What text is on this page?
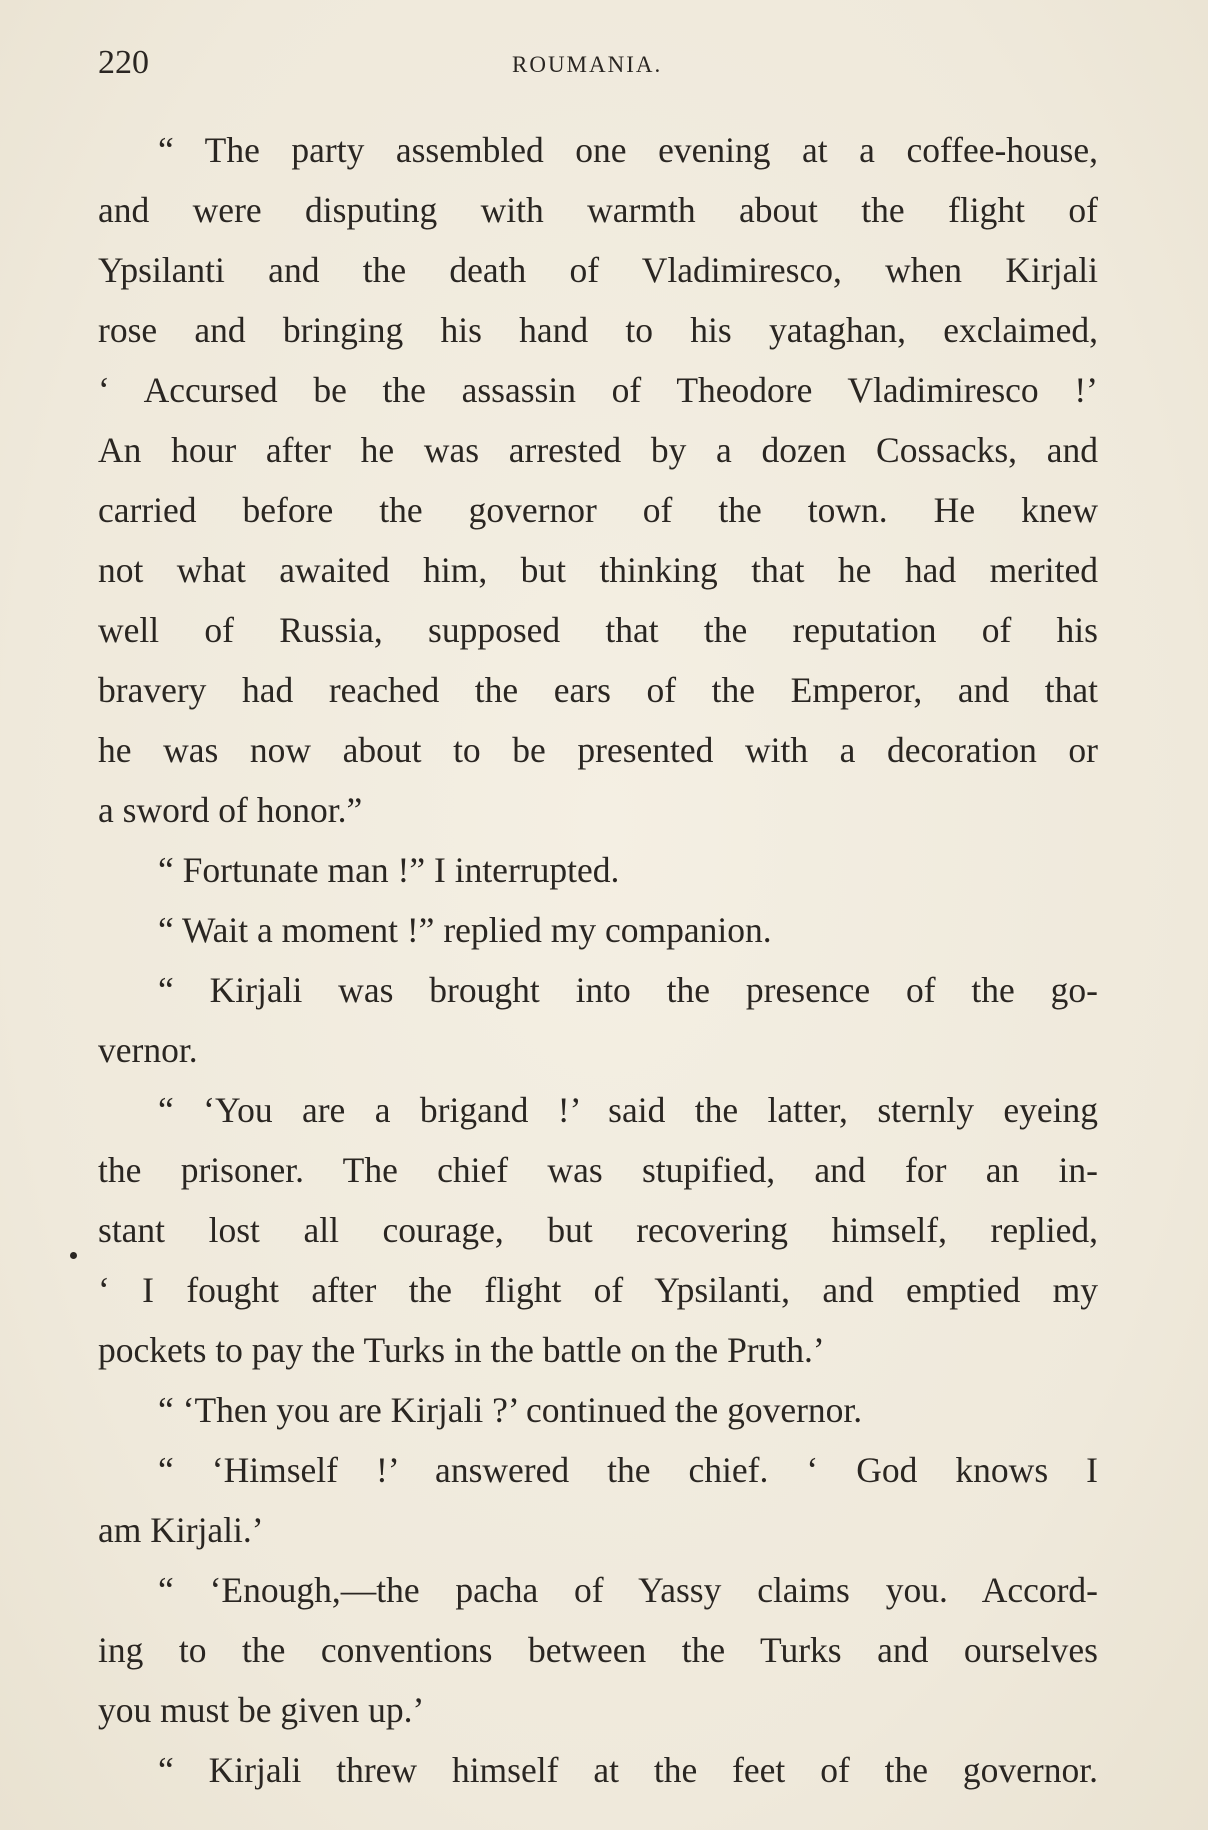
220	ROUMANIA.
“ The party assembled one evening at a coffee-house,
and were disputing with warmth about the flight of
Ypsilanti and the death of Vladimiresco, when Kirjali
rose and bringing his hand to his yataghan, exclaimed,
‘ Accursed be the assassin of Theodore Vladimiresco !’
An hour after he was arrested by a dozen Cossacks, and
carried before the governor of the town. He knew
not what awaited him, but thinking that he had merited
well of Russia, supposed that the reputation of his
bravery had reached the ears of the Emperor, and that
he was now about to be presented with a decoration or
a sword of honor.”
“ Fortunate man !” I interrupted.
“ Wait a moment !” replied my companion.
“ Kirjali was brought into the presence of the go-
vernor.
“ ‘You are a brigand !’ said the latter, sternly eyeing
the prisoner. The chief was stupified, and for an in-
stant lost all courage, but recovering himself, replied,
‘ I fought after the flight of Ypsilanti, and emptied my
pockets to pay the Turks in the battle on the Pruth.’
“ ‘Then you are Kirjali ?’ continued the governor.
“ ‘Himself !’ answered the chief. ‘ God knows I
am Kirjali.’
“ ‘Enough,—the pacha of Yassy claims you. Accord-
ing to the conventions between the Turks and ourselves
you must be given up.’
“ Kirjali threw himself at the feet of the governor.
